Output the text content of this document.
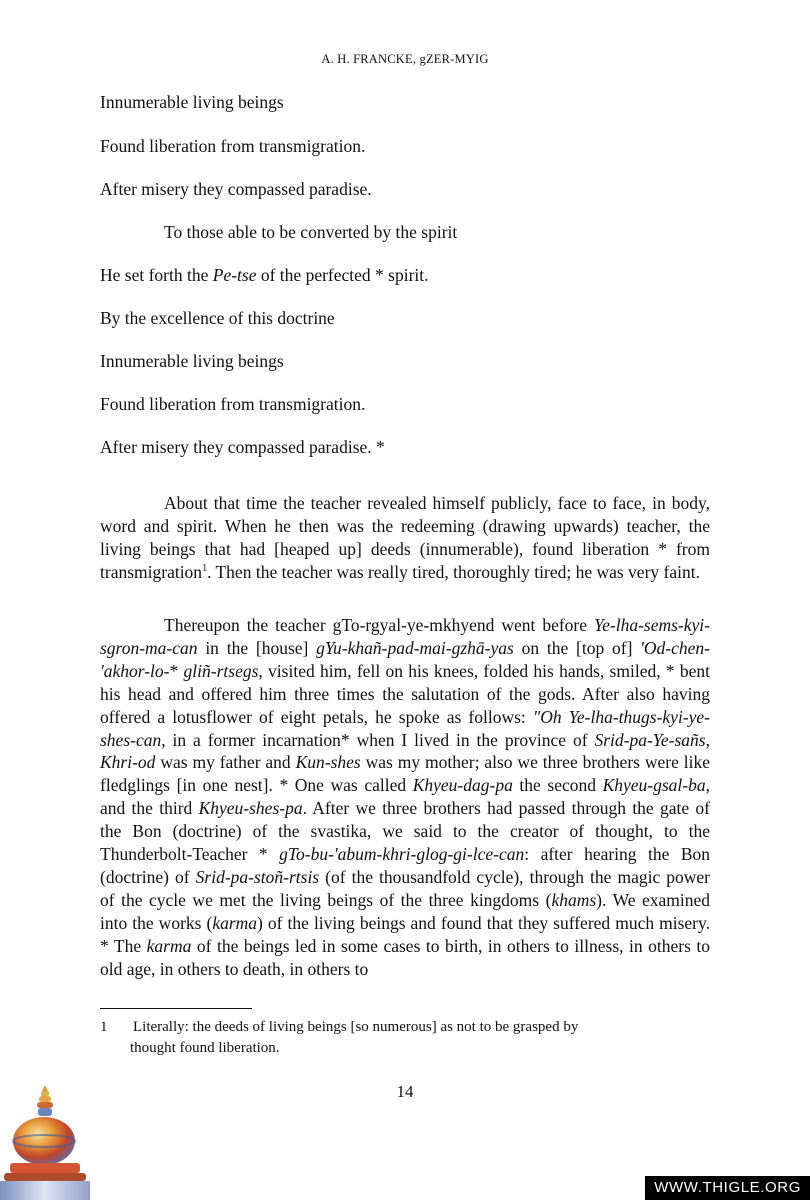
A. H. FRANCKE, gZER-MYIG
Innumerable living beings
Found liberation from transmigration.
After misery they compassed paradise.
To those able to be converted by the spirit
He set forth the Pe-tse of the perfected * spirit.
By the excellence of this doctrine
Innumerable living beings
Found liberation from transmigration.
After misery they compassed paradise. *

About that time the teacher revealed himself publicly, face to face, in body, word and spirit. When he then was the redeeming (drawing upwards) teacher, the living beings that had [heaped up] deeds (innumerable), found liberation * from transmigration$^1$. Then the teacher was really tired, thoroughly tired; he was very faint.

Thereupon the teacher gTo-rgyal-ye-mkhyend went before Ye-lha-sems-kyi-sgron-ma-can in the [house] gYu-khañ-pad-mai-gzhā-yas on the [top of] 'Od-chen-'akhor-lo-* gliñ-rtsegs, visited him, fell on his knees, folded his hands, smiled, * bent his head and offered him three times the salutation of the gods. After also having offered a lotusflower of eight petals, he spoke as follows: "Oh Ye-lha-thugs-kyi-ye-shes-can, in a former incarnation* when I lived in the province of Srid-pa-Ye-sañs, Khri-od was my father and Kun-shes was my mother; also we three brothers were like fledglings [in one nest]. * One was called Khyeu-dag-pa the second Khyeu-gsal-ba, and the third Khyeu-shes-pa. After we three brothers had passed through the gate of the Bon (doctrine) of the svastika, we said to the creator of thought, to the Thunderbolt-Teacher * gTo-bu-'abum-khri-glog-gi-lce-can: after hearing the Bon (doctrine) of Srid-pa-stoñ-rtsis (of the thousandfold cycle), through the magic power of the cycle we met the living beings of the three kingdoms (khams). We examined into the works (karma) of the living beings and found that they suffered much misery. * The karma of the beings led in some cases to birth, in others to illness, in others to old age, in others to death, in others to

1 Literally: the deeds of living beings [so numerous] as not to be grasped by
thought found liberation.
14
WWW.THIGLE.ORG
